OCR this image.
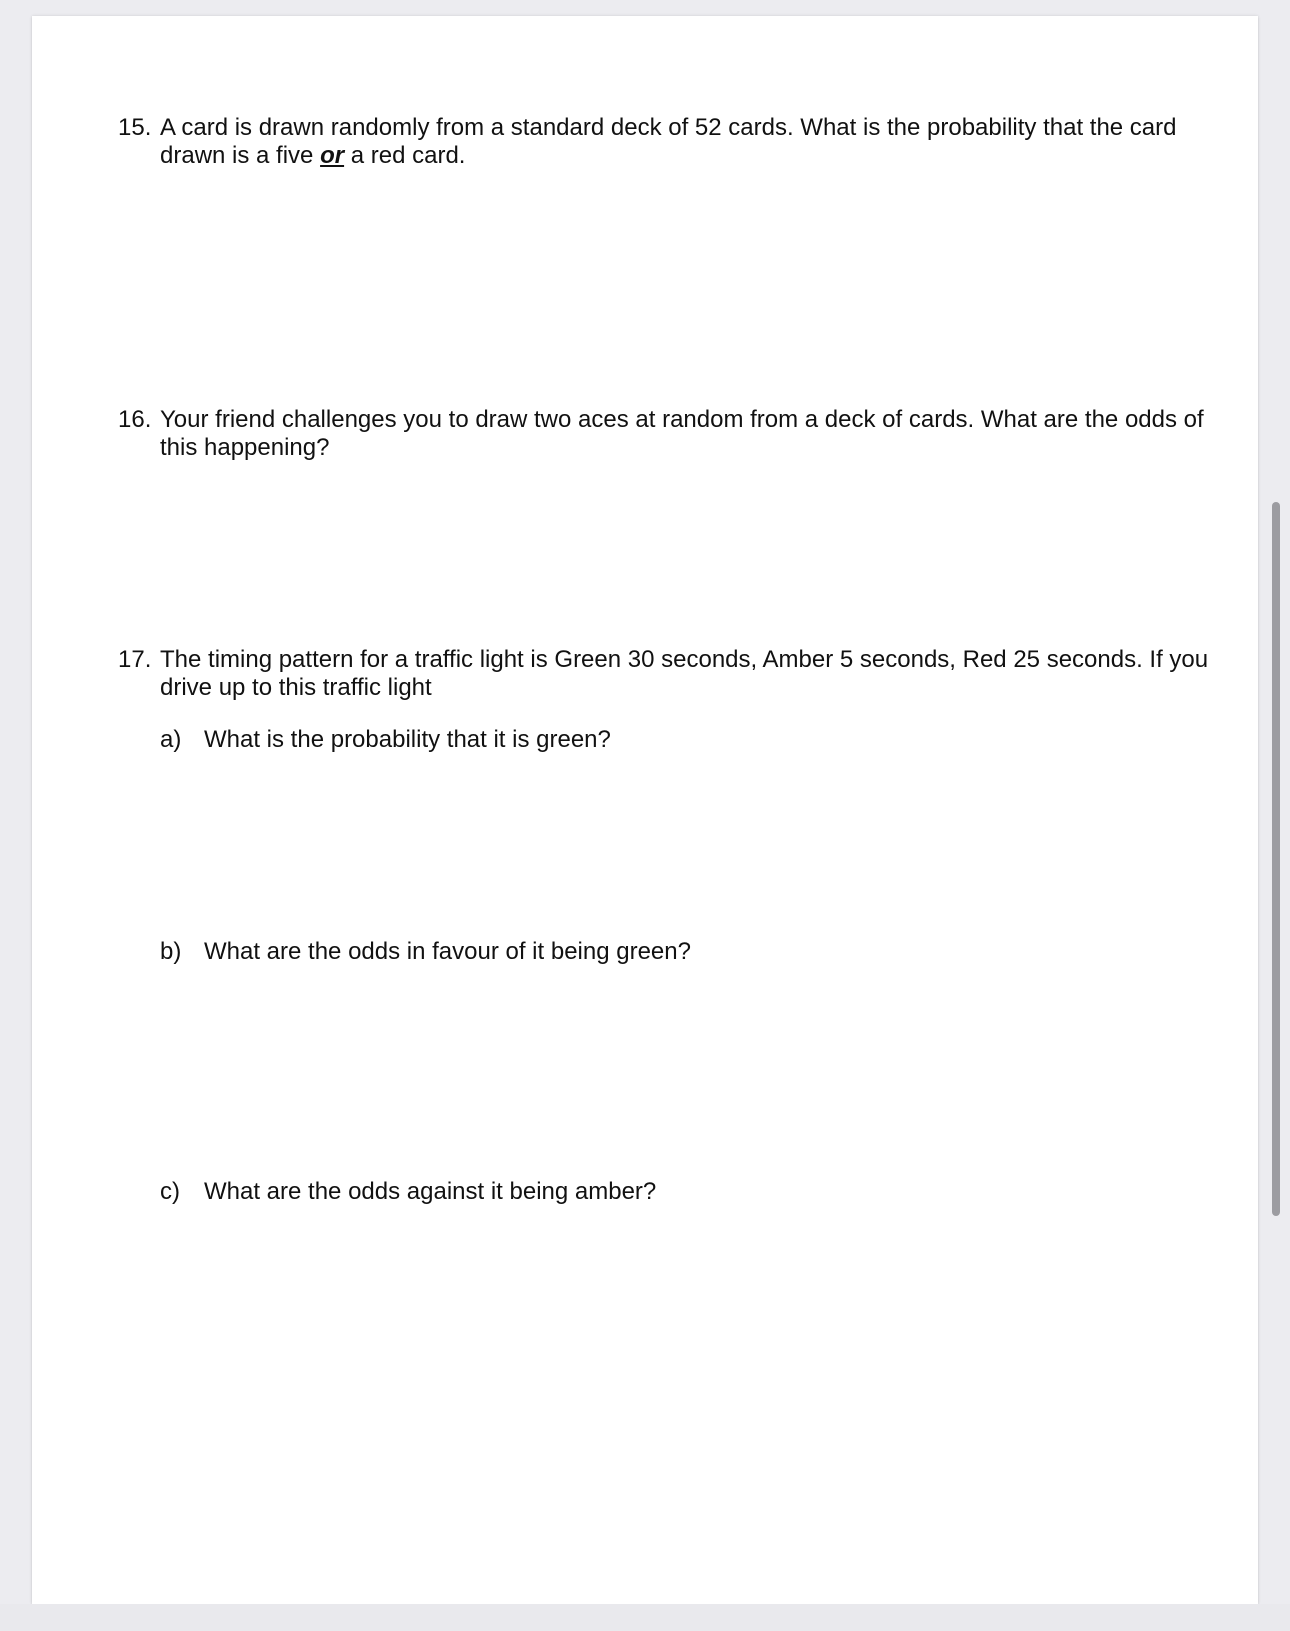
15. A card is drawn randomly from a standard deck of 52 cards. What is the probability that the card drawn is a five or a red card.
16. Your friend challenges you to draw two aces at random from a deck of cards. What are the odds of this happening?
17. The timing pattern for a traffic light is Green 30 seconds, Amber 5 seconds, Red 25 seconds. If you drive up to this traffic light
a) What is the probability that it is green?
b) What are the odds in favour of it being green?
c) What are the odds against it being amber?
